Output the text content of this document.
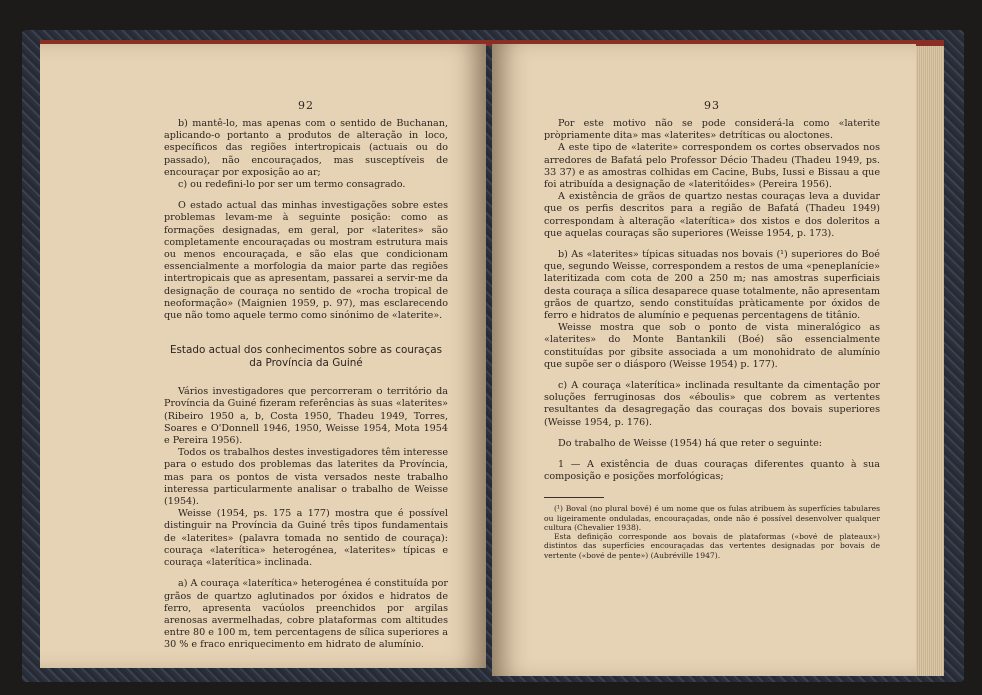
92

b) mantê-lo, mas apenas com o sentido de Buchanan, aplicando-o portanto a produtos de alteração in loco, específicos das regiões intertropicais (actuais ou do passado), não encouraçados, mas susceptíveis de encouraçar por exposição ao ar;

c) ou redefini-lo por ser um termo consagrado.

O estado actual das minhas investigações sobre estes problemas levam-me à seguinte posição: como as formações designadas, em geral, por «laterites» são completamente encouraçadas ou mostram estrutura mais ou menos encouraçada, e são elas que condicionam essencialmente a morfologia da maior parte das regiões intertropicais que as apresentam, passarei a servir-me da designação de couraça no sentido de «rocha tropical de neoformação» (Maignien 1959, p. 97), mas esclarecendo que não tomo aquele termo como sinónimo de «laterite».

Estado actual dos conhecimentos sobre as couraças da Província da Guiné

Vários investigadores que percorreram o território da Província da Guiné fizeram referências às suas «laterites» (Ribeiro 1950 a, b, Costa 1950, Thadeu 1949, Torres, Soares e O'Donnell 1946, 1950, Weisse 1954, Mota 1954 e Pereira 1956).

Todos os trabalhos destes investigadores têm interesse para o estudo dos problemas das laterites da Província, mas para os pontos de vista versados neste trabalho interessa particularmente analisar o trabalho de Weisse (1954).

Weisse (1954, ps. 175 a 177) mostra que é possível distinguir na Província da Guiné três tipos fundamentais de «laterites» (palavra tomada no sentido de couraça): couraça «laterítica» heterogénea, «laterites» típicas e couraça «laterítica» inclinada.

a) A couraça «laterítica» heterogénea é constituída por grãos de quartzo aglutinados por óxidos e hidratos de ferro, apresenta vacúolos preenchidos por argilas arenosas avermelhadas, cobre plataformas com altitudes entre 80 e 100 m, tem percentagens de sílica superiores a 30 % e fraco enriquecimento em hidrato de alumínio.

93

Por este motivo não se pode considerá-la como «laterite pròpriamente dita» mas «laterites» detríticas ou aloctones.

A este tipo de «laterite» correspondem os cortes observados nos arredores de Bafatá pelo Professor Décio Thadeu (Thadeu 1949, ps. 33 37) e as amostras colhidas em Cacine, Bubs, Iussi e Bissau a que foi atribuída a designação de «lateritóides» (Pereira 1956).

A existência de grãos de quartzo nestas couraças leva a duvidar que os perfis descritos para a região de Bafatá (Thadeu 1949) correspondam à alteração «laterítica» dos xistos e dos doleritos a que aquelas couraças são superiores (Weisse 1954, p. 173).

b) As «laterites» típicas situadas nos bovais (¹) superiores do Boé que, segundo Weisse, correspondem a restos de uma «peneplanície» lateritizada com cota de 200 a 250 m; nas amostras superficiais desta couraça a sílica desaparece quase totalmente, não apresentam grãos de quartzo, sendo constituídas pràticamente por óxidos de ferro e hidratos de alumínio e pequenas percentagens de titânio.

Weisse mostra que sob o ponto de vista mineralógico as «laterites» do Monte Bantankili (Boé) são essencialmente constituídas por gibsite associada a um monohidrato de alumínio que supõe ser o diásporo (Weisse 1954) p. 177).

c) A couraça «laterítica» inclinada resultante da cimentação por soluções ferruginosas dos «éboulis» que cobrem as vertentes resultantes da desagregação das couraças dos bovais superiores (Weisse 1954, p. 176).

Do trabalho de Weisse (1954) há que reter o seguinte:

1 — A existência de duas couraças diferentes quanto à sua composição e posições morfológicas;

(¹) Boval (no plural bové) é um nome que os fulas atribuem às superfícies tabulares ou ligeiramente onduladas, encouraçadas, onde não é possível desenvolver qualquer cultura (Chevalier 1938).

Esta definição corresponde aos bovais de plataformas («bové de plateaux») distintos das superfícies encouraçadas das vertentes designadas por bovais de vertente («bové de pente») (Aubréville 1947).
